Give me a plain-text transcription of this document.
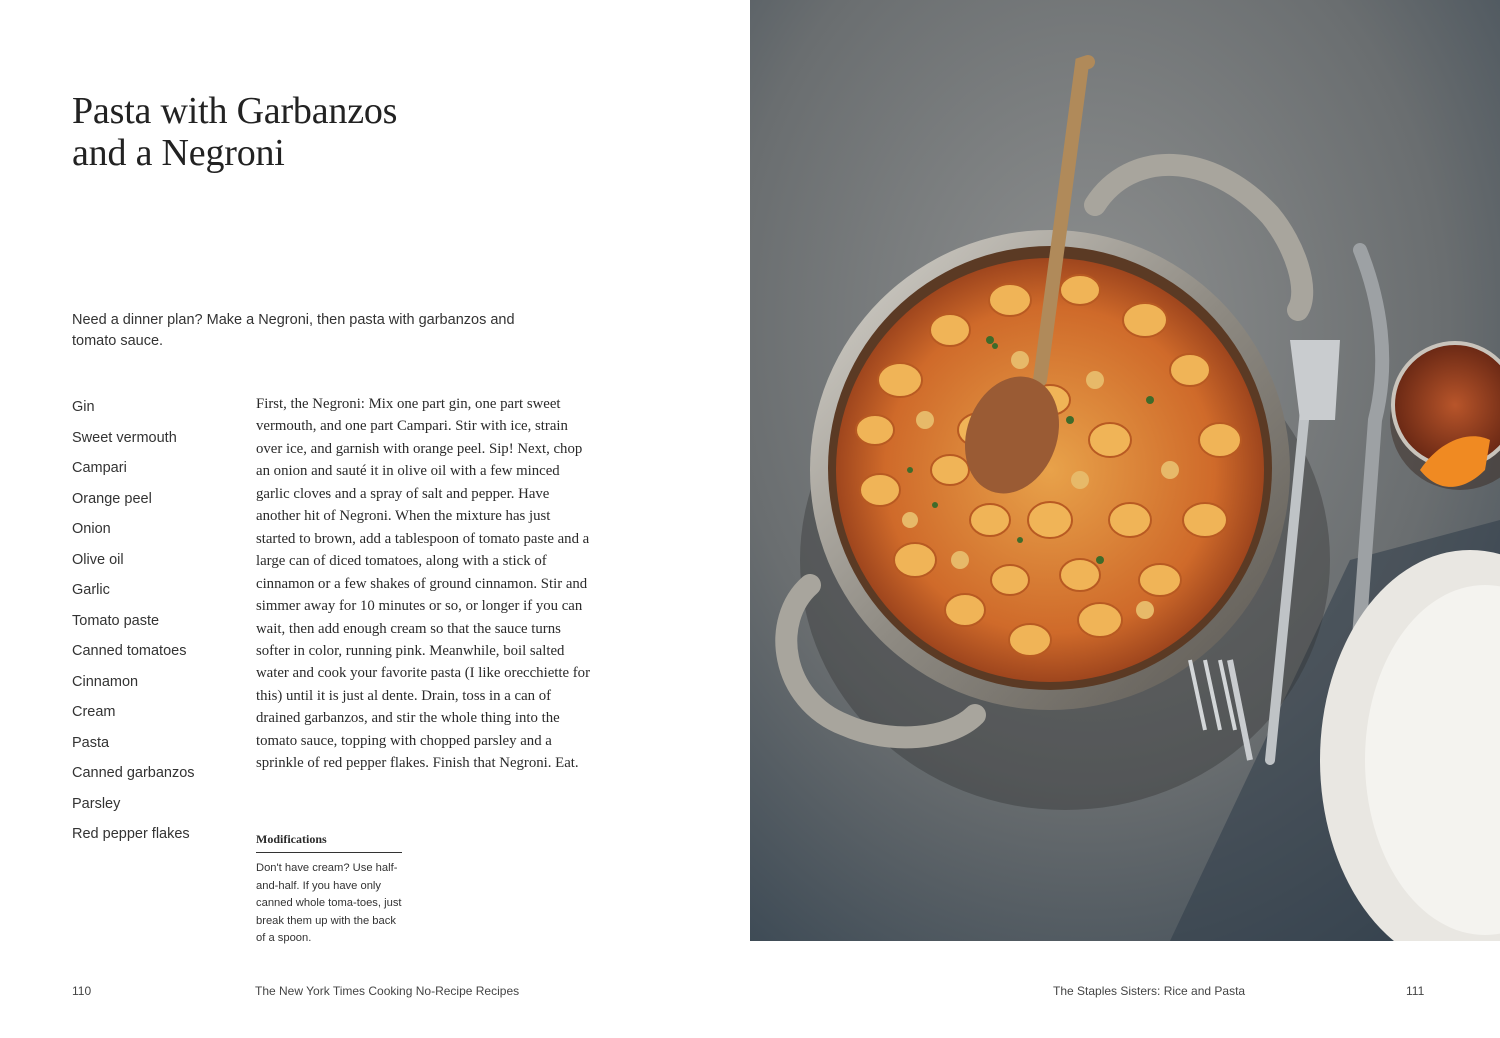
Pasta with Garbanzos
and a Negroni

Need a dinner plan? Make a Negroni, then pasta with garbanzos and tomato sauce.

Gin
Sweet vermouth
Campari
Orange peel
Onion
Olive oil
Garlic
Tomato paste
Canned tomatoes
Cinnamon
Cream
Pasta
Canned garbanzos
Parsley
Red pepper flakes

First, the Negroni: Mix one part gin, one part sweet vermouth, and one part Campari. Stir with ice, strain over ice, and garnish with orange peel. Sip! Next, chop an onion and sauté it in olive oil with a few minced garlic cloves and a spray of salt and pepper. Have another hit of Negroni. When the mixture has just started to brown, add a tablespoon of tomato paste and a large can of diced tomatoes, along with a stick of cinnamon or a few shakes of ground cinnamon. Stir and simmer away for 10 minutes or so, or longer if you can wait, then add enough cream so that the sauce turns softer in color, running pink. Meanwhile, boil salted water and cook your favorite pasta (I like orecchiette for this) until it is just al dente. Drain, toss in a can of drained garbanzos, and stir the whole thing into the tomato sauce, topping with chopped parsley and a sprinkle of red pepper flakes. Finish that Negroni. Eat.

Modifications

Don't have cream? Use half-and-half. If you have only canned whole toma-toes, just break them up with the back of a spoon.

110	The New York Times Cooking No-Recipe Recipes	The Staples Sisters: Rice and Pasta	111
